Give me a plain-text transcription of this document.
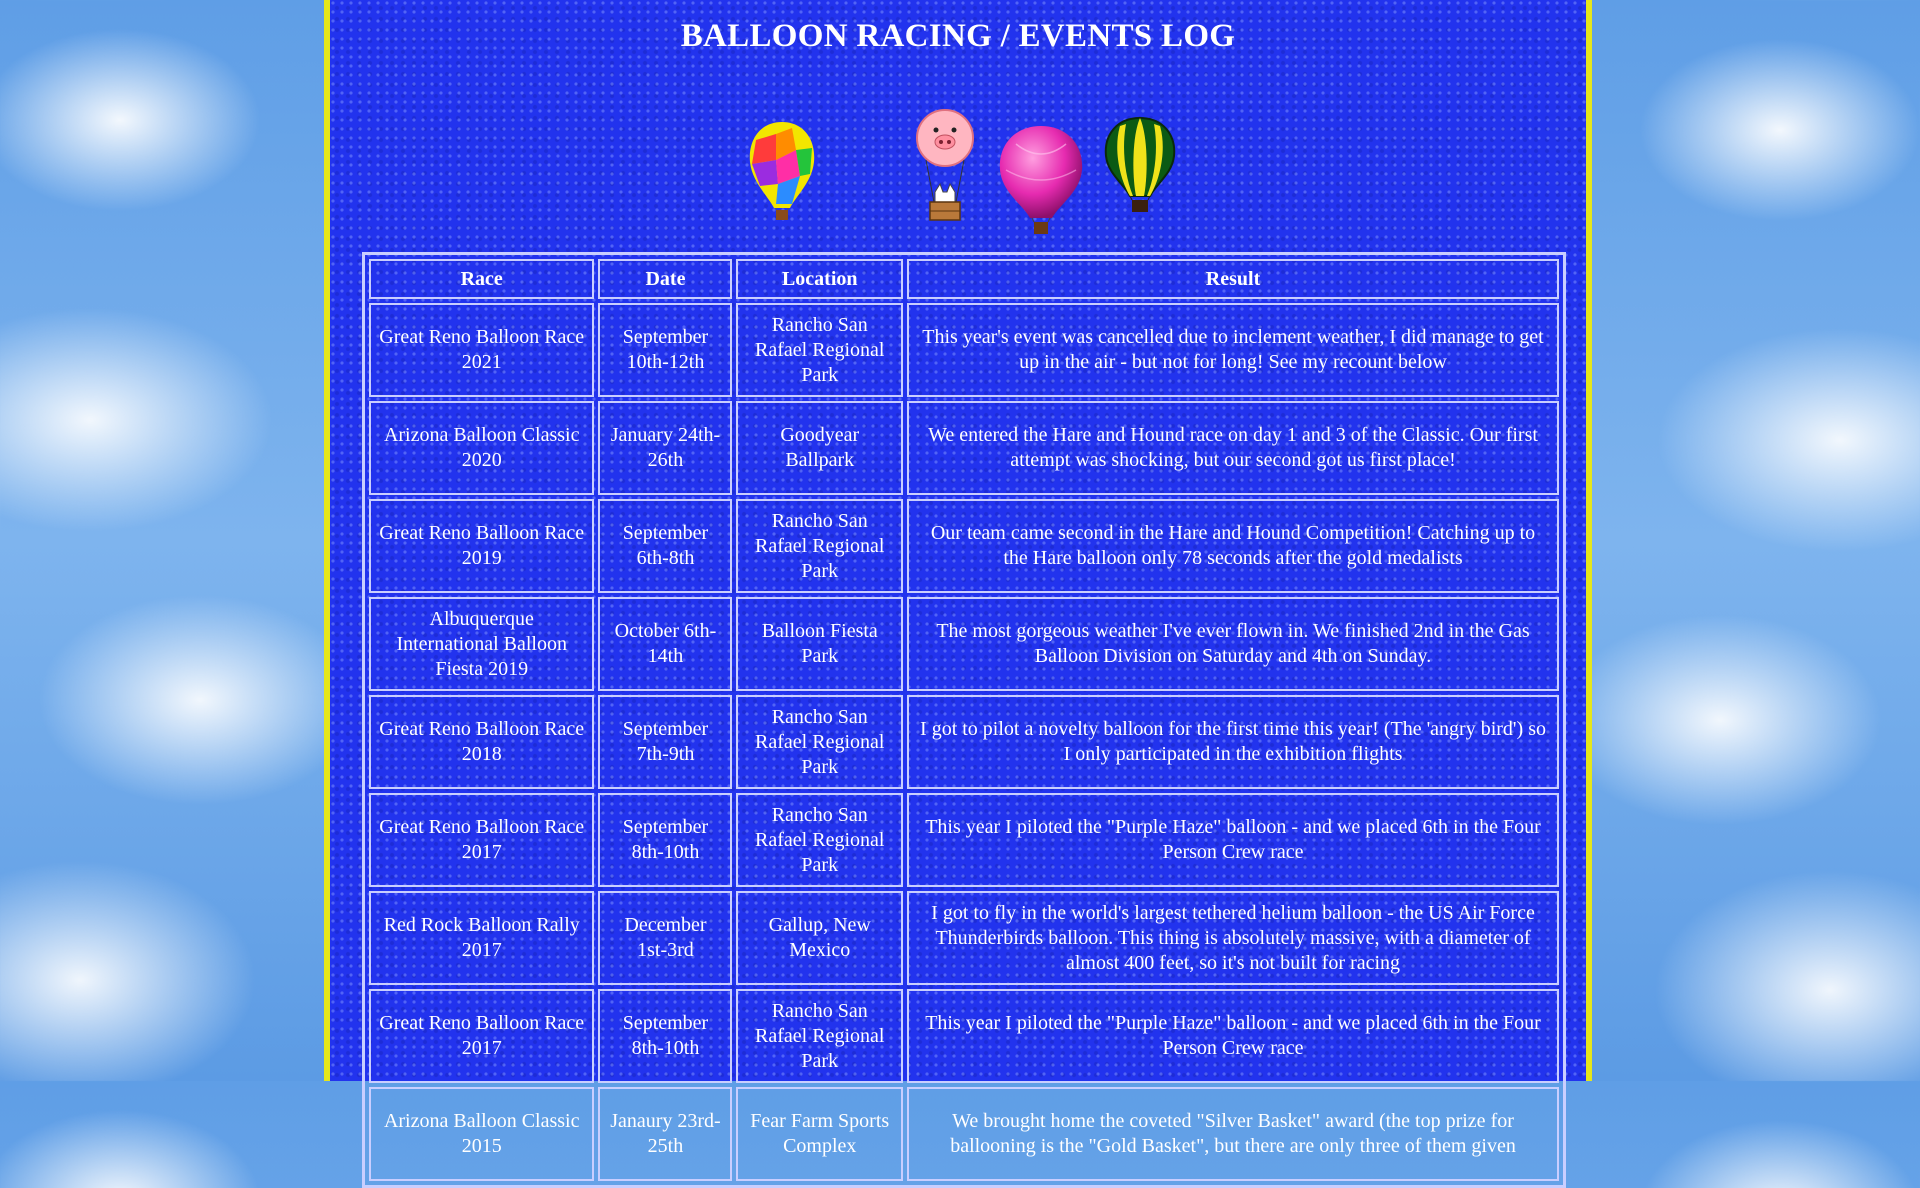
BALLOON RACING / EVENTS LOG
Race	Date	Location	Result
Great Reno Balloon Race 2021	September 10th-12th	Rancho San Rafael Regional Park	This year's event was cancelled due to inclement weather, I did manage to get up in the air - but not for long! See my recount below
Arizona Balloon Classic 2020	January 24th-26th	Goodyear Ballpark	We entered the Hare and Hound race on day 1 and 3 of the Classic. Our first attempt was shocking, but our second got us first place!
Great Reno Balloon Race 2019	September 6th-8th	Rancho San Rafael Regional Park	Our team came second in the Hare and Hound Competition! Catching up to the Hare balloon only 78 seconds after the gold medalists
Albuquerque International Balloon Fiesta 2019	October 6th-14th	Balloon Fiesta Park	The most gorgeous weather I've ever flown in. We finished 2nd in the Gas Balloon Division on Saturday and 4th on Sunday.
Great Reno Balloon Race 2018	September 7th-9th	Rancho San Rafael Regional Park	I got to pilot a novelty balloon for the first time this year! (The 'angry bird') so I only participated in the exhibition flights
Great Reno Balloon Race 2017	September 8th-10th	Rancho San Rafael Regional Park	This year I piloted the "Purple Haze" balloon - and we placed 6th in the Four Person Crew race
Red Rock Balloon Rally 2017	December 1st-3rd	Gallup, New Mexico	I got to fly in the world's largest tethered helium balloon - the US Air Force Thunderbirds balloon. This thing is absolutely massive, with a diameter of almost 400 feet, so it's not built for racing
Great Reno Balloon Race 2017	September 8th-10th	Rancho San Rafael Regional Park	This year I piloted the "Purple Haze" balloon - and we placed 6th in the Four Person Crew race
Arizona Balloon Classic 2015	Janaury 23rd-25th	Fear Farm Sports Complex	We brought home the coveted "Silver Basket" award (the top prize for ballooning is the "Gold Basket", but there are only three of them given
